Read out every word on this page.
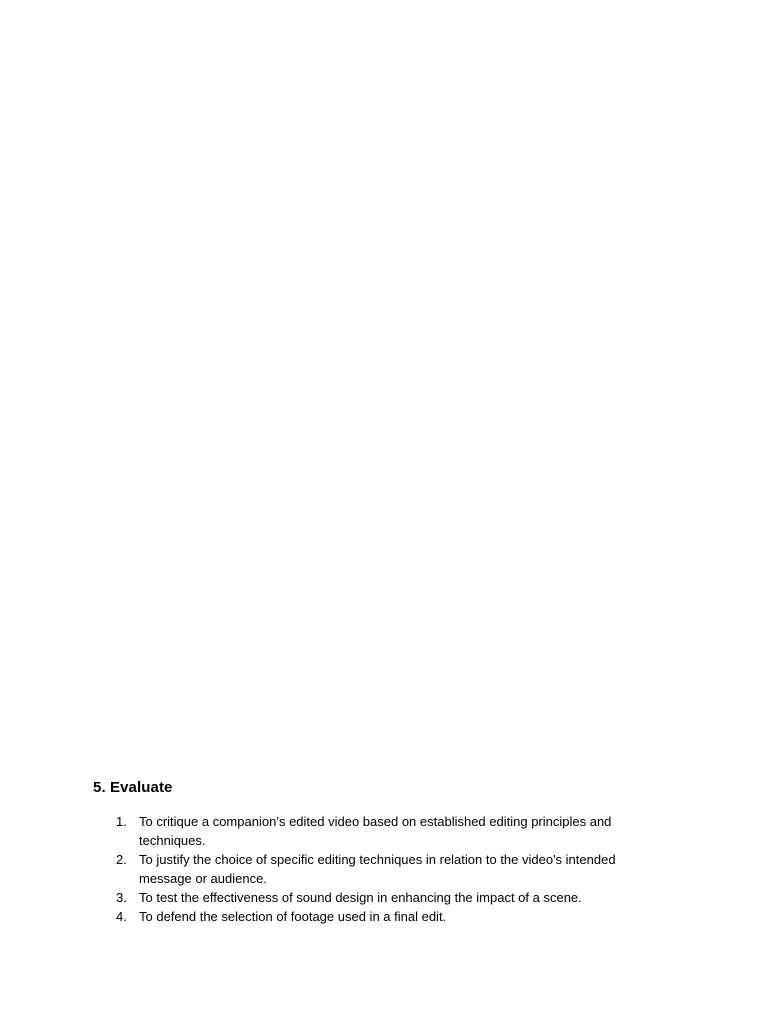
5. Evaluate
1. To critique a companion’s edited video based on established editing principles and techniques.
2. To justify the choice of specific editing techniques in relation to the video's intended message or audience.
3. To test the effectiveness of sound design in enhancing the impact of a scene.
4. To defend the selection of footage used in a final edit.
